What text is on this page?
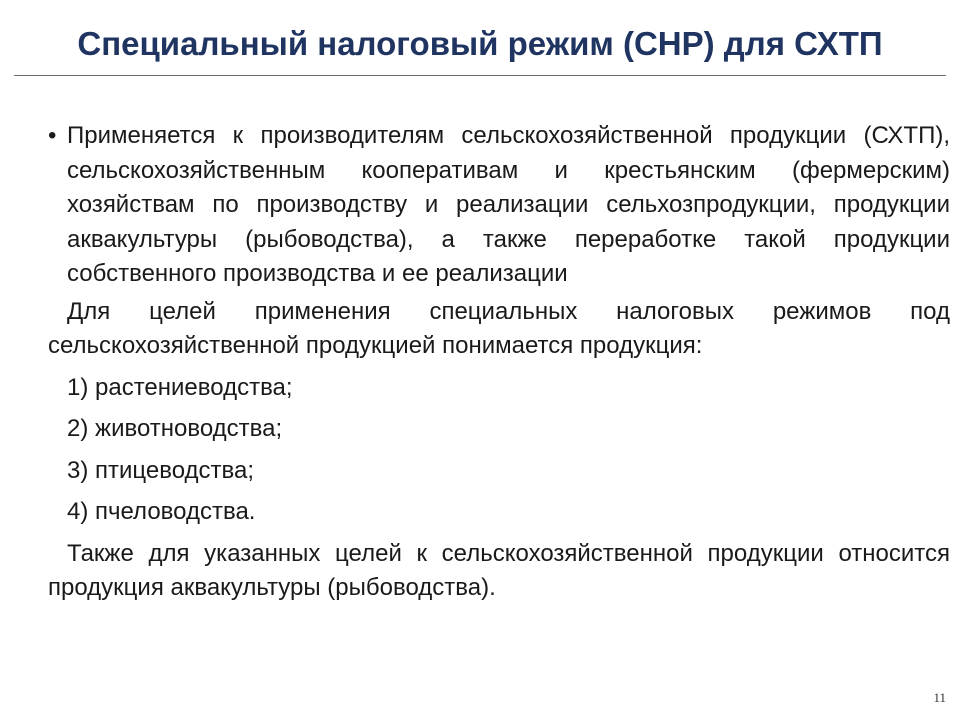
Специальный налоговый режим (СНР) для СХТП
• Применяется к производителям сельскохозяйственной продукции (СХТП), сельскохозяйственным кооперативам и крестьянским (фермерским) хозяйствам по производству и реализации сельхозпродукции, продукции аквакультуры (рыбоводства), а также переработке такой продукции собственного производства и ее реализации
Для целей применения специальных налоговых режимов под сельскохозяйственной продукцией понимается продукция:
1) растениеводства;
2) животноводства;
3) птицеводства;
4) пчеловодства.
Также для указанных целей к сельскохозяйственной продукции относится продукция аквакультуры (рыбоводства).
11
